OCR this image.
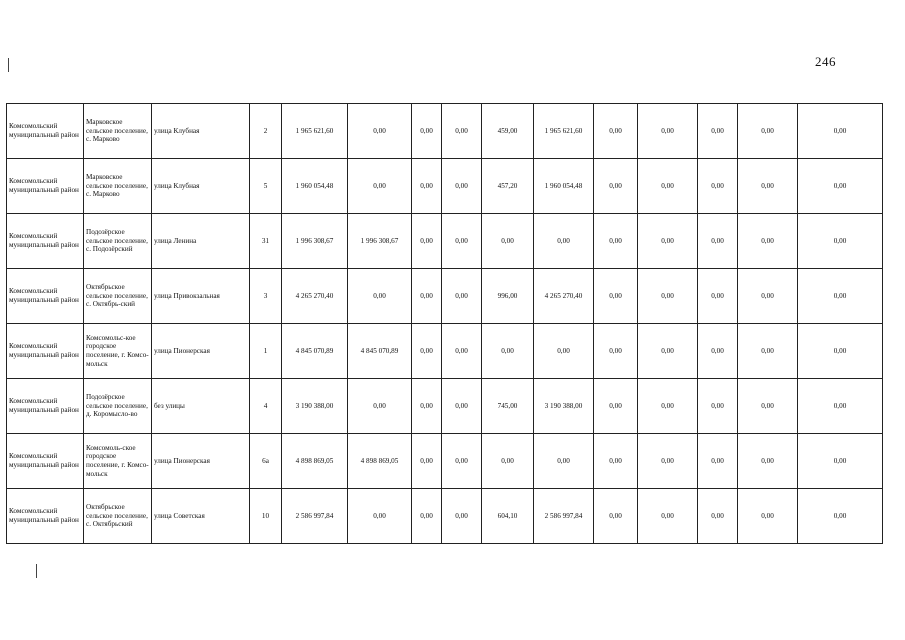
246
Комсомольский муниципальный район	Марковское сельское поселение, с. Марково	улица Клубная	2	1 965 621,60	0,00	0,00	0,00	459,00	1 965 621,60	0,00	0,00	0,00	0,00	0,00
Комсомольский муниципальный район	Марковское сельское поселение, с. Марково	улица Клубная	5	1 960 054,48	0,00	0,00	0,00	457,20	1 960 054,48	0,00	0,00	0,00	0,00	0,00
Комсомольский муниципальный район	Подозёрское сельское поселение, с. Подозёрский	улица Ленина	31	1 996 308,67	1 996 308,67	0,00	0,00	0,00	0,00	0,00	0,00	0,00	0,00	0,00
Комсомольский муниципальный район	Октябрьское сельское поселение, с. Октябрь-ский	улица Привокзальная	3	4 265 270,40	0,00	0,00	0,00	996,00	4 265 270,40	0,00	0,00	0,00	0,00	0,00
Комсомольский муниципальный район	Комсомольс-кое городское поселение, г. Комсо-мольск	улица Пионерская	1	4 845 070,89	4 845 070,89	0,00	0,00	0,00	0,00	0,00	0,00	0,00	0,00	0,00
Комсомольский муниципальный район	Подозёрское сельское поселение, д. Коромысло-во	без улицы	4	3 190 388,00	0,00	0,00	0,00	745,00	3 190 388,00	0,00	0,00	0,00	0,00	0,00
Комсомольский муниципальный район	Комсомоль-ское городское поселение, г. Комсо-мольск	улица Пионерская	6а	4 898 869,05	4 898 869,05	0,00	0,00	0,00	0,00	0,00	0,00	0,00	0,00	0,00
Комсомольский муниципальный район	Октябрьское сельское поселение, с. Октябрьский	улица Советская	10	2 586 997,84	0,00	0,00	0,00	604,10	2 586 997,84	0,00	0,00	0,00	0,00	0,00
